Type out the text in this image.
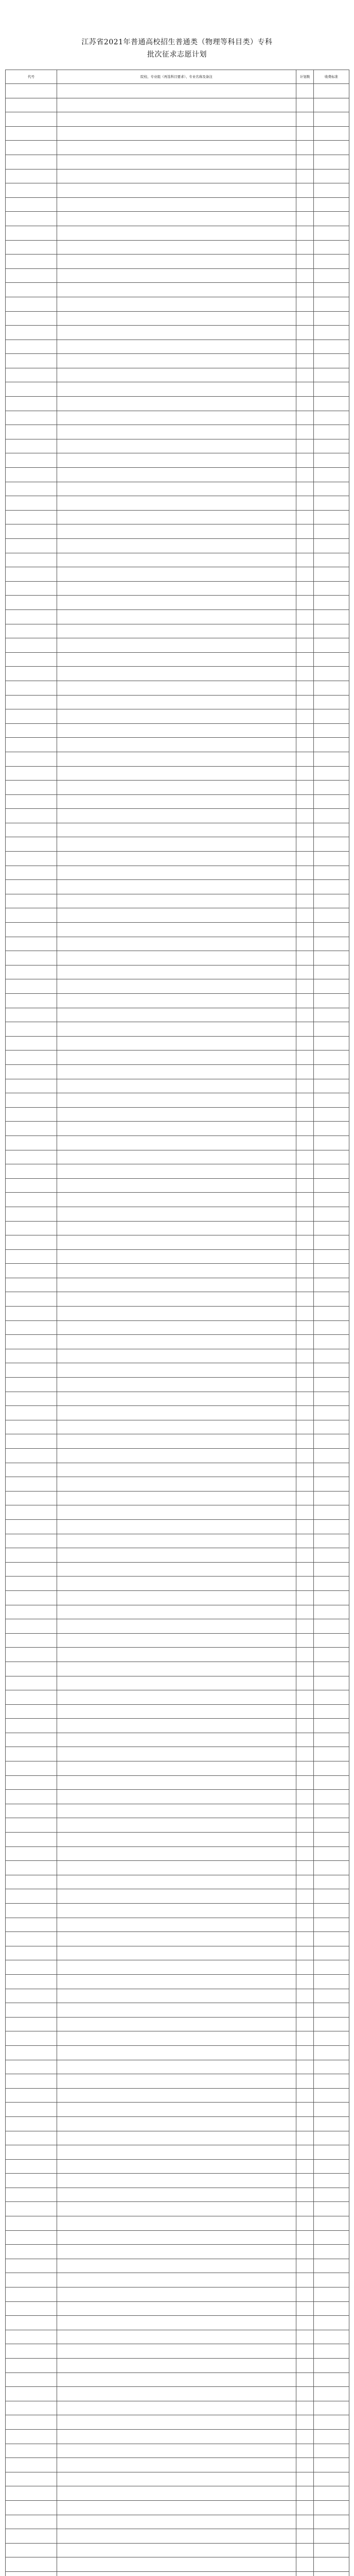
江苏省2021年普通高校招生普通类（物理等科目类）专科

批次征求志愿计划

代号	院校、专业组（再选科目要求）、专业名称及备注	计划数	收费标准
